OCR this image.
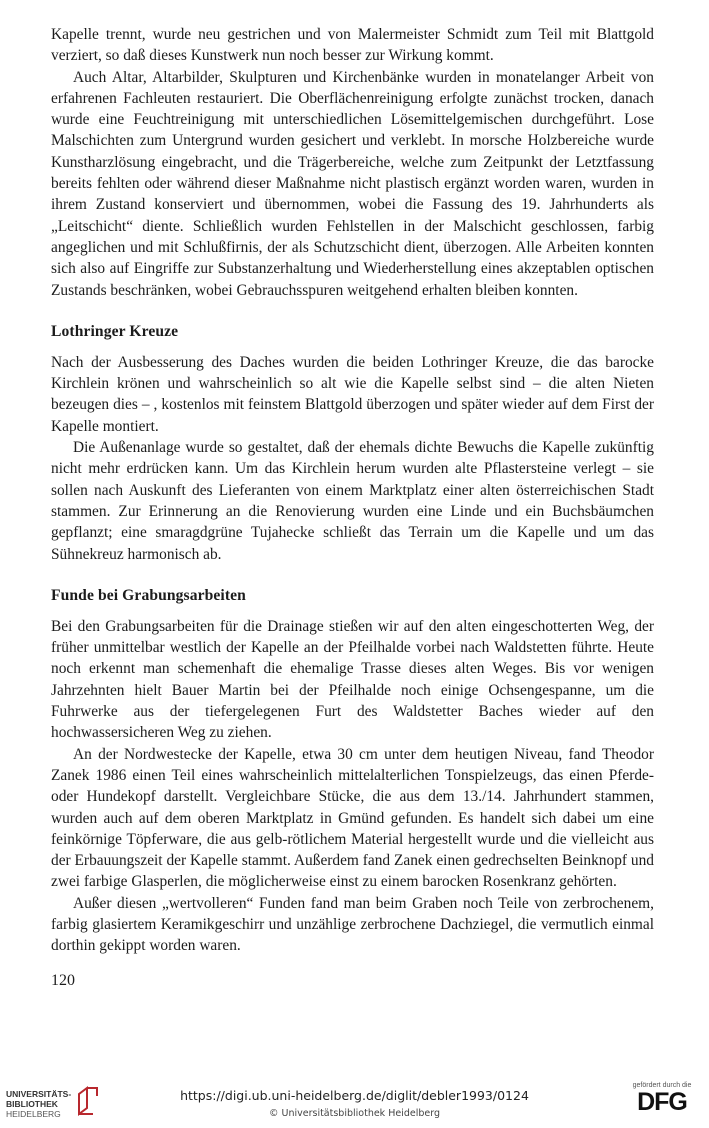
Kapelle trennt, wurde neu gestrichen und von Malermeister Schmidt zum Teil mit Blattgold verziert, so daß dieses Kunstwerk nun noch besser zur Wirkung kommt.

Auch Altar, Altarbilder, Skulpturen und Kirchenbänke wurden in monatelanger Arbeit von erfahrenen Fachleuten restauriert. Die Oberflächenreinigung erfolgte zunächst trocken, danach wurde eine Feuchtreinigung mit unterschiedlichen Lösemittelgemischen durchgeführt. Lose Malschichten zum Untergrund wurden gesichert und verklebt. In morsche Holzbereiche wurde Kunstharzlösung eingebracht, und die Trägerbereiche, welche zum Zeitpunkt der Letztfassung bereits fehlten oder während dieser Maßnahme nicht plastisch ergänzt worden waren, wurden in ihrem Zustand konserviert und übernommen, wobei die Fassung des 19. Jahrhunderts als „Leitschicht“ diente. Schließlich wurden Fehlstellen in der Malschicht geschlossen, farbig angeglichen und mit Schlußfirnis, der als Schutzschicht dient, überzogen. Alle Arbeiten konnten sich also auf Eingriffe zur Substanzerhaltung und Wiederherstellung eines akzeptablen optischen Zustands beschränken, wobei Gebrauchsspuren weitgehend erhalten bleiben konnten.

Lothringer Kreuze

Nach der Ausbesserung des Daches wurden die beiden Lothringer Kreuze, die das barocke Kirchlein krönen und wahrscheinlich so alt wie die Kapelle selbst sind – die alten Nieten bezeugen dies – , kostenlos mit feinstem Blattgold überzogen und später wieder auf dem First der Kapelle montiert.

Die Außenanlage wurde so gestaltet, daß der ehemals dichte Bewuchs die Kapelle zukünftig nicht mehr erdrücken kann. Um das Kirchlein herum wurden alte Pflastersteine verlegt – sie sollen nach Auskunft des Lieferanten von einem Marktplatz einer alten österreichischen Stadt stammen. Zur Erinnerung an die Renovierung wurden eine Linde und ein Buchsbäumchen gepflanzt; eine smaragdgrüne Tujahecke schließt das Terrain um die Kapelle und um das Sühnekreuz harmonisch ab.

Funde bei Grabungsarbeiten

Bei den Grabungsarbeiten für die Drainage stießen wir auf den alten eingeschotterten Weg, der früher unmittelbar westlich der Kapelle an der Pfeilhalde vorbei nach Waldstetten führte. Heute noch erkennt man schemenhaft die ehemalige Trasse dieses alten Weges. Bis vor wenigen Jahrzehnten hielt Bauer Martin bei der Pfeilhalde noch einige Ochsengespanne, um die Fuhrwerke aus der tiefergelegenen Furt des Waldstetter Baches wieder auf den hochwassersicheren Weg zu ziehen.

An der Nordwestecke der Kapelle, etwa 30 cm unter dem heutigen Niveau, fand Theodor Zanek 1986 einen Teil eines wahrscheinlich mittelalterlichen Tonspielzeugs, das einen Pferde- oder Hundekopf darstellt. Vergleichbare Stücke, die aus dem 13./14. Jahrhundert stammen, wurden auch auf dem oberen Marktplatz in Gmünd gefunden. Es handelt sich dabei um eine feinkörnige Töpferware, die aus gelb-rötlichem Material hergestellt wurde und die vielleicht aus der Erbauungszeit der Kapelle stammt. Außerdem fand Zanek einen gedrechselten Beinknopf und zwei farbige Glasperlen, die möglicherweise einst zu einem barocken Rosenkranz gehörten.

Außer diesen „wertvolleren“ Funden fand man beim Graben noch Teile von zerbrochenem, farbig glasiertem Keramikgeschirr und unzählige zerbrochene Dachziegel, die vermutlich einmal dorthin gekippt worden waren.

120
UNIVERSITÄTS-
BIBLIOTHEK
HEIDELBERG
https://digi.ub.uni-heidelberg.de/diglit/debler1993/0124
© Universitätsbibliothek Heidelberg
gefördert durch die
DFG
